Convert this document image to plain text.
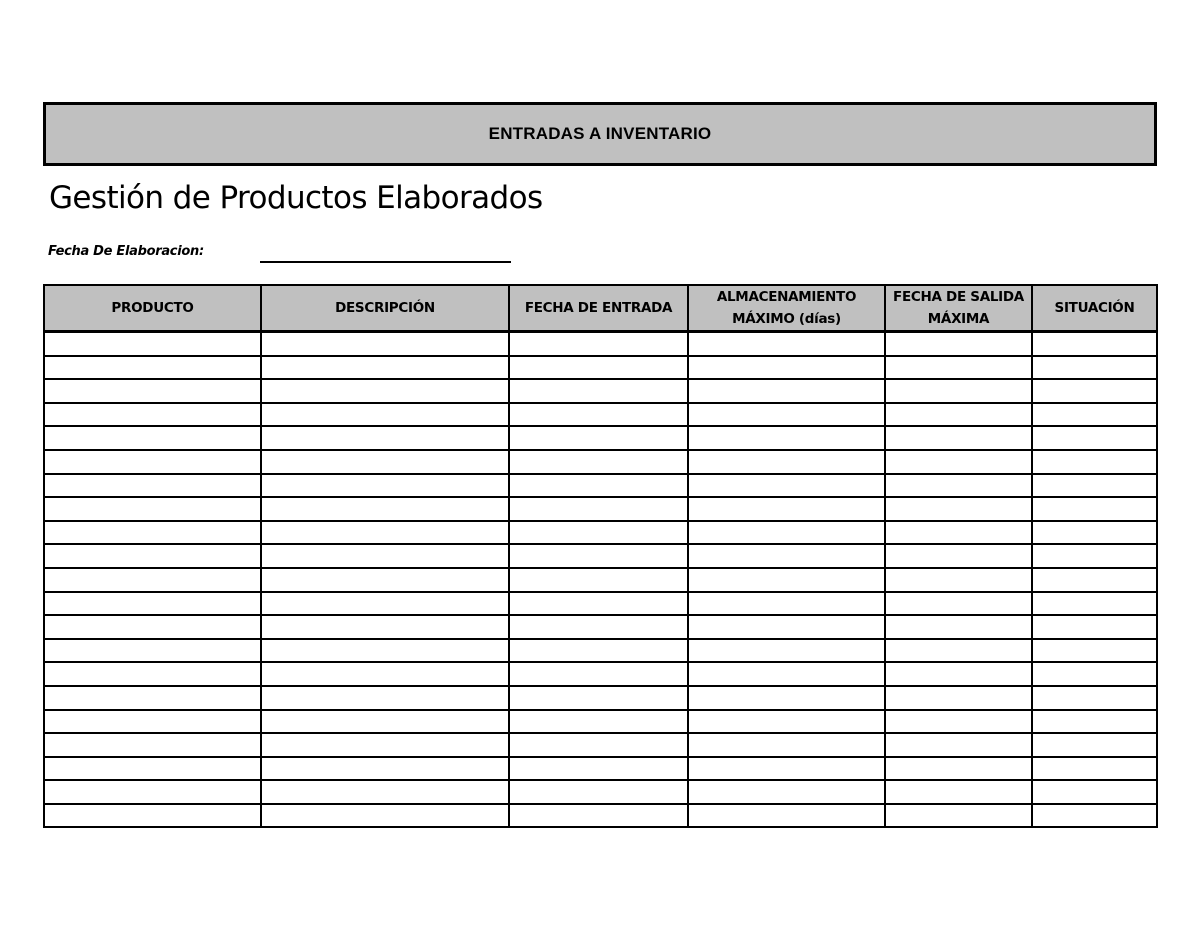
ENTRADAS A INVENTARIO
Gestión de Productos Elaborados
Fecha De Elaboracion:
PRODUCTO	DESCRIPCIÓN	FECHA DE ENTRADA	ALMACENAMIENTO MÁXIMO (días)	FECHA DE SALIDA MÁXIMA	SITUACIÓN
